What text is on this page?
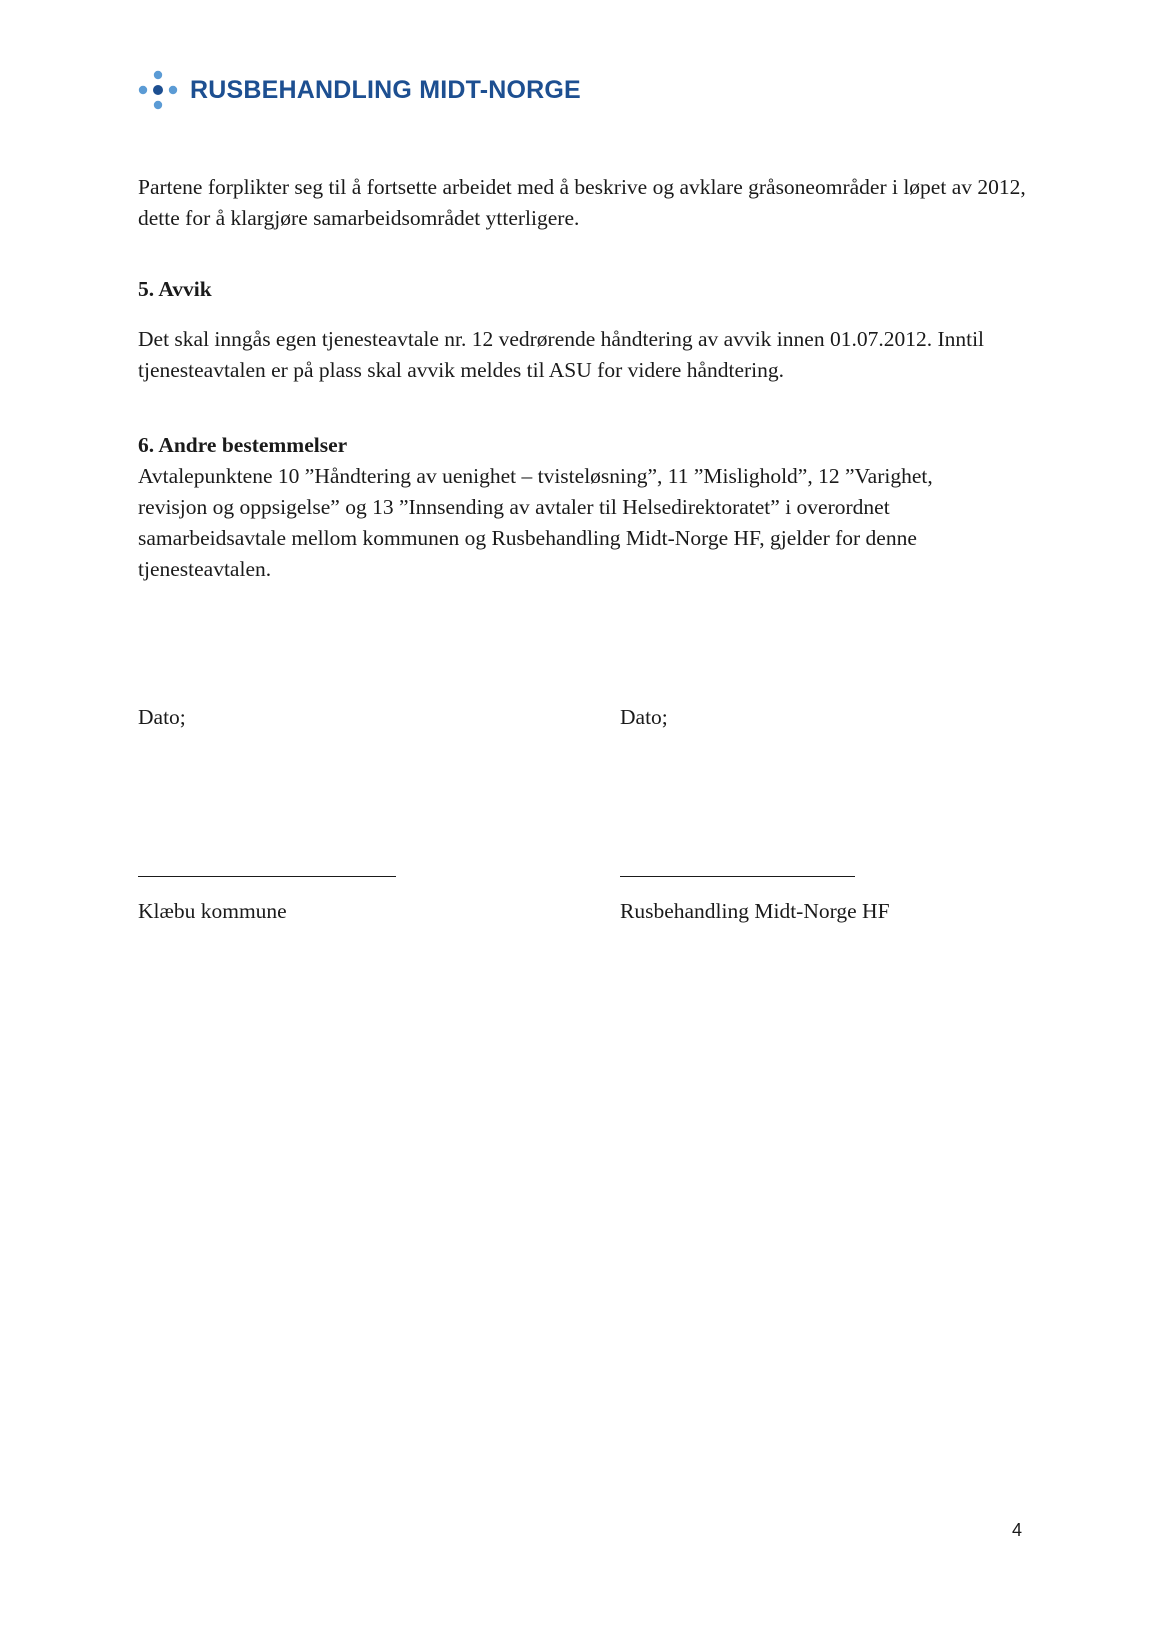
RUSBEHANDLING MIDT-NORGE

Partene forplikter seg til å fortsette arbeidet med å beskrive og avklare gråsoneområder i løpet av 2012, dette for å klargjøre samarbeidsområdet ytterligere.

5. Avvik

Det skal inngås egen tjenesteavtale nr. 12 vedrørende håndtering av avvik innen 01.07.2012. Inntil tjenesteavtalen er på plass skal avvik meldes til ASU for videre håndtering.

6. Andre bestemmelser

Avtalepunktene 10 ”Håndtering av uenighet – tvisteløsning”, 11 ”Mislighold”, 12 ”Varighet, revisjon og oppsigelse” og 13 ”Innsending av avtaler til Helsedirektoratet” i overordnet samarbeidsavtale mellom kommunen og Rusbehandling Midt-Norge HF, gjelder for denne tjenesteavtalen.

Dato;
Klæbu kommune
Dato;
Rusbehandling Midt-Norge HF
4
